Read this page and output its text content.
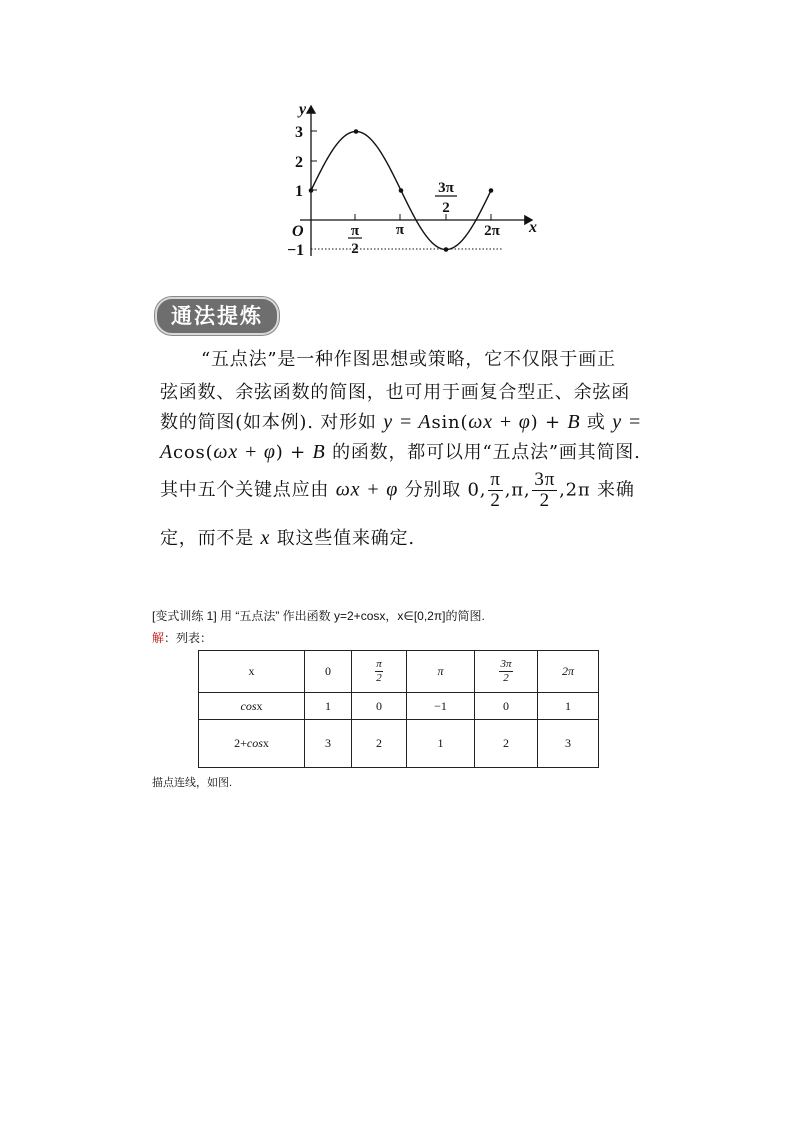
y
3
2
1
−1
O	π
2
π
3π
2
2π x
通法提炼
“五点法”是一种作图思想或策略，它不仅限于画正
弦函数、余弦函数的简图，也可用于画复合型正、余弦函
数的简图(如本例). 对形如 y = Asin(ωx + φ) + B 或 y =
Acos(ωx + φ) + B 的函数，都可以用“五点法”画其简图.
其中五个关键点应由 ωx + φ 分别取 0, $\frac{\pi}{2} ,\pi$, $\frac{3\pi}{2} ,2\pi$ 来确
定，而不是 x 取这些值来确定.
[变式训练 1] 用 “五点法” 作出函数 y=2+cosx，x∈[0,2π]的简图.
解：列表：
x	0	$\frac{\pi}{2}$	π	$\frac{3\pi}{2}$	2π
cosx	1	0	−1	0	1
2+cosx	3	2	1	2	3
描点连线，如图.
